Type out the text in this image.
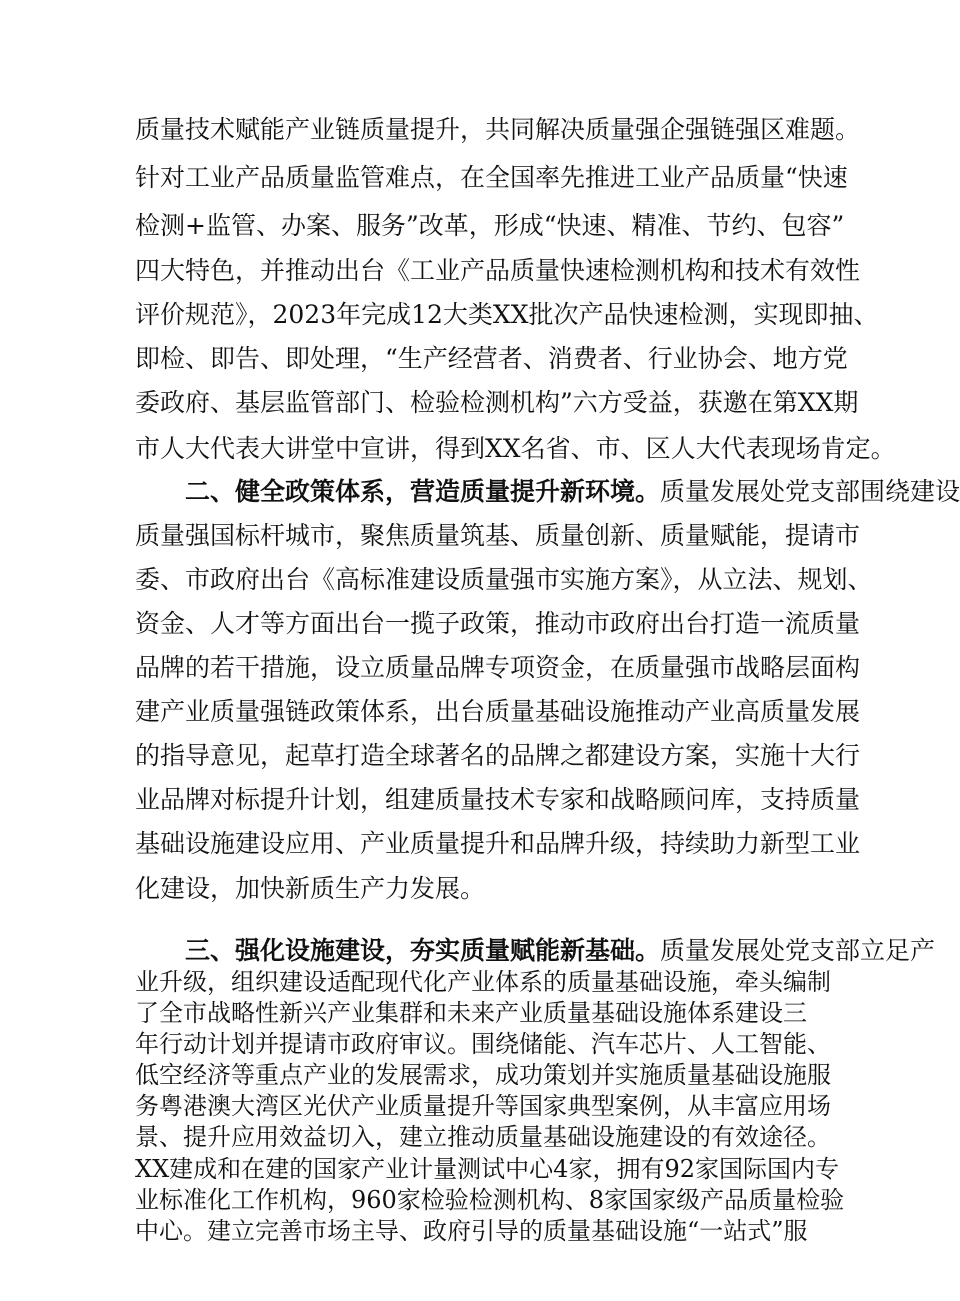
质量技术赋能产业链质量提升，共同解决质量强企强链强区难题。
针对工业产品质量监管难点，在全国率先推进工业产品质量“快速
检测+监管、办案、服务”改革，形成“快速、精准、节约、包容”
四大特色，并推动出台《工业产品质量快速检测机构和技术有效性
评价规范》，2023年完成12大类XX批次产品快速检测，实现即抽、
即检、即告、即处理，“生产经营者、消费者、行业协会、地方党
委政府、基层监管部门、检验检测机构”六方受益，获邀在第XX期
市人大代表大讲堂中宣讲，得到XX名省、市、区人大代表现场肯定。
二、健全政策体系，营造质量提升新环境。质量发展处党支部围绕建设
质量强国标杆城市，聚焦质量筑基、质量创新、质量赋能，提请市
委、市政府出台《高标准建设质量强市实施方案》，从立法、规划、
资金、人才等方面出台一揽子政策，推动市政府出台打造一流质量
品牌的若干措施，设立质量品牌专项资金，在质量强市战略层面构
建产业质量强链政策体系，出台质量基础设施推动产业高质量发展
的指导意见，起草打造全球著名的品牌之都建设方案，实施十大行
业品牌对标提升计划，组建质量技术专家和战略顾问库，支持质量
基础设施建设应用、产业质量提升和品牌升级，持续助力新型工业
化建设，加快新质生产力发展。
三、强化设施建设，夯实质量赋能新基础。质量发展处党支部立足产
业升级，组织建设适配现代化产业体系的质量基础设施，牵头编制
了全市战略性新兴产业集群和未来产业质量基础设施体系建设三
年行动计划并提请市政府审议。围绕储能、汽车芯片、人工智能、
低空经济等重点产业的发展需求，成功策划并实施质量基础设施服
务粤港澳大湾区光伏产业质量提升等国家典型案例，从丰富应用场
景、提升应用效益切入，建立推动质量基础设施建设的有效途径。
XX建成和在建的国家产业计量测试中心4家，拥有92家国际国内专
业标准化工作机构，960家检验检测机构、8家国家级产品质量检验
中心。建立完善市场主导、政府引导的质量基础设施“一站式”服
